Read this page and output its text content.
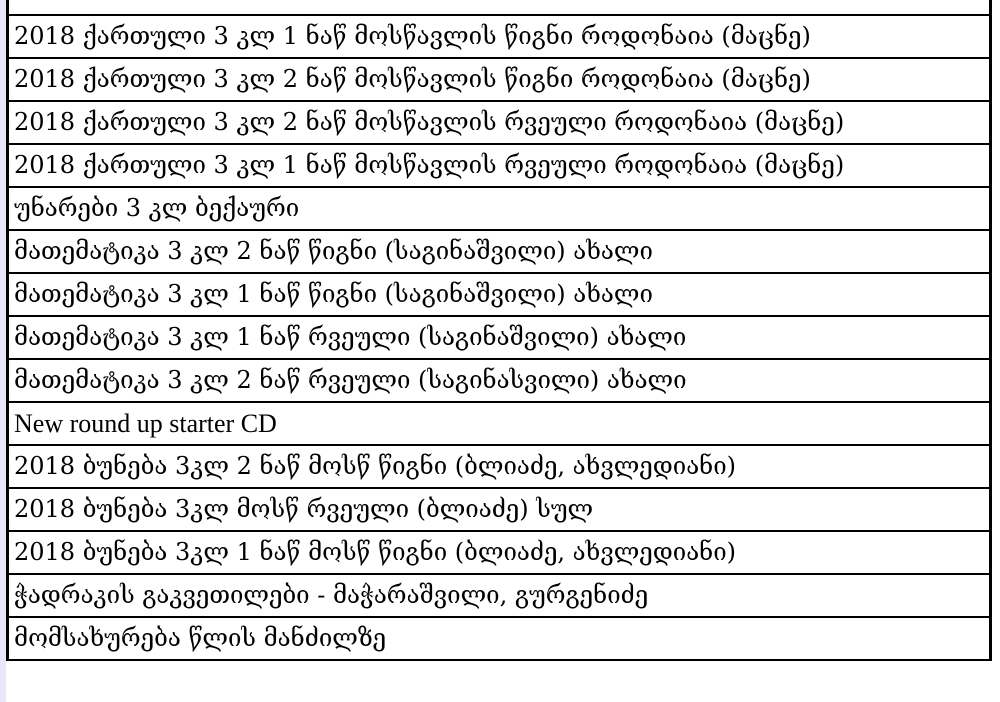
2018 ქართული 3 კლ 1 ნაწ მოსწავლის წიგნი როდონაია (მაცნე)
2018 ქართული 3 კლ 2 ნაწ მოსწავლის წიგნი როდონაია (მაცნე)
2018 ქართული 3 კლ 2 ნაწ მოსწავლის რვეული როდონაია (მაცნე)
2018 ქართული 3 კლ 1 ნაწ მოსწავლის რვეული როდონაია (მაცნე)
უნარები 3 კლ ბექაური
მათემატიკა 3 კლ 2 ნაწ წიგნი (საგინაშვილი) ახალი
მათემატიკა 3 კლ 1 ნაწ წიგნი (საგინაშვილი) ახალი
მათემატიკა 3 კლ 1 ნაწ რვეული (საგინაშვილი) ახალი
მათემატიკა 3 კლ 2 ნაწ რვეული (საგინასვილი) ახალი
New round up starter CD
2018 ბუნება 3კლ 2 ნაწ მოსწ წიგნი (ბლიაძე, ახვლედიანი)
2018 ბუნება 3კლ მოსწ რვეული (ბლიაძე) სულ
2018 ბუნება 3კლ 1 ნაწ მოსწ წიგნი (ბლიაძე, ახვლედიანი)
ჭადრაკის გაკვეთილები - მაჭარაშვილი, გურგენიძე
მომსახურება წლის მანძილზე
